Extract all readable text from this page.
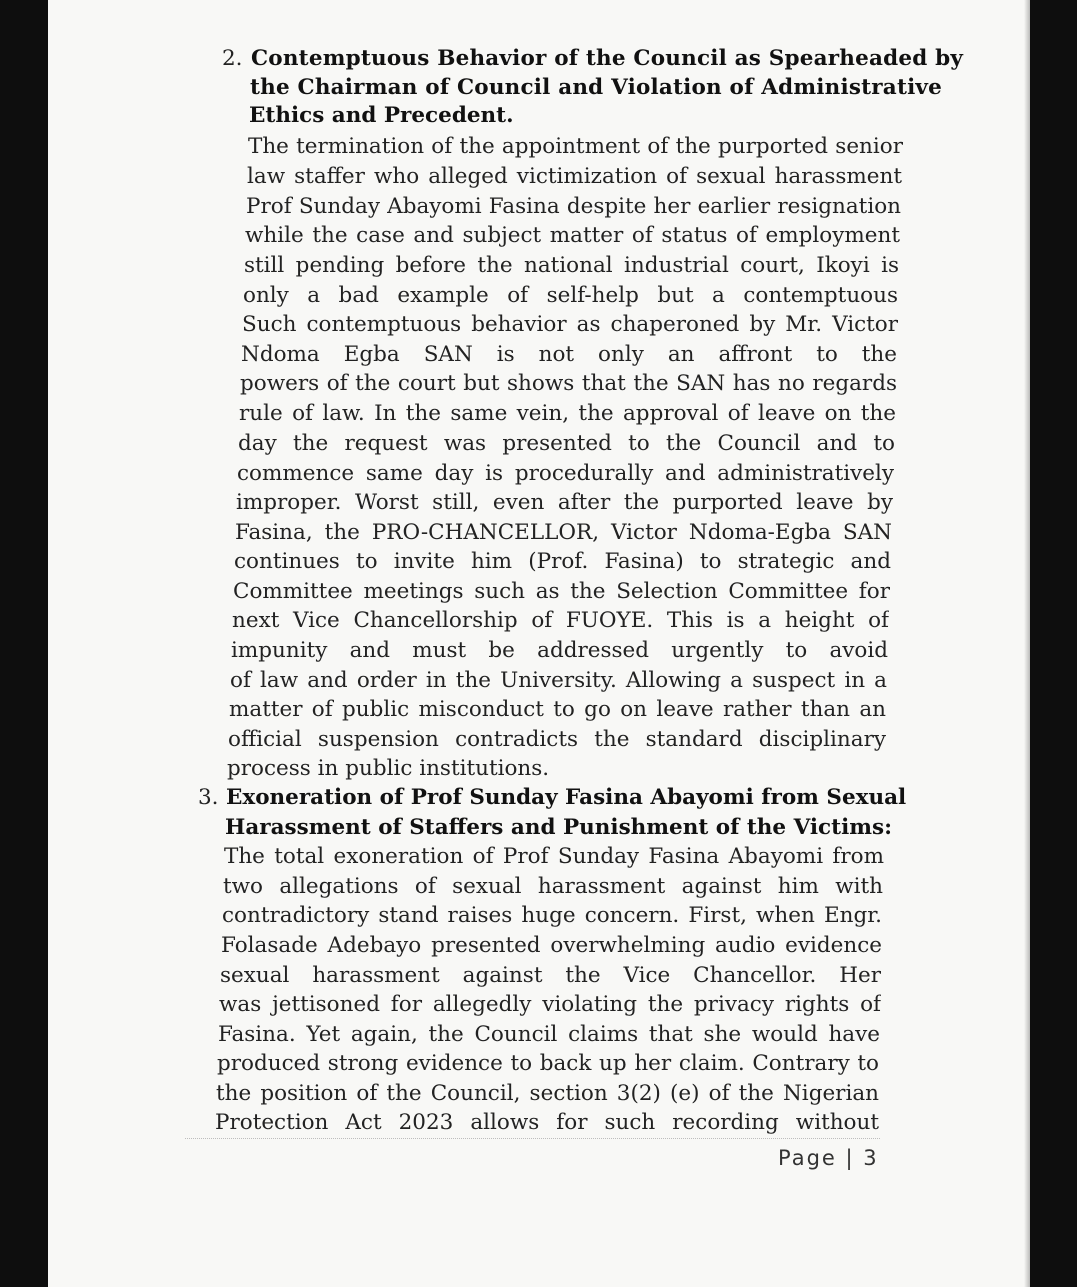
2. Contemptuous Behavior of the Council as Spearheaded by
the Chairman of Council and Violation of Administrative
Ethics and Precedent.
The termination of the appointment of the purported senior
law staffer who alleged victimization of sexual harassment
Prof Sunday Abayomi Fasina despite her earlier resignation
while the case and subject matter of status of employment
still pending before the national industrial court, Ikoyi is
only a bad example of self-help but a contemptuous
Such contemptuous behavior as chaperoned by Mr. Victor
Ndoma Egba SAN is not only an affront to the
powers of the court but shows that the SAN has no regards
rule of law. In the same vein, the approval of leave on the
day the request was presented to the Council and to
commence same day is procedurally and administratively
improper. Worst still, even after the purported leave by
Fasina, the PRO-CHANCELLOR, Victor Ndoma-Egba SAN
continues to invite him (Prof. Fasina) to strategic and
Committee meetings such as the Selection Committee for
next Vice Chancellorship of FUOYE. This is a height of
impunity and must be addressed urgently to avoid
of law and order in the University. Allowing a suspect in a
matter of public misconduct to go on leave rather than an
official suspension contradicts the standard disciplinary
process in public institutions.
3. Exoneration of Prof Sunday Fasina Abayomi from Sexual
Harassment of Staffers and Punishment of the Victims:
The total exoneration of Prof Sunday Fasina Abayomi from
two allegations of sexual harassment against him with
contradictory stand raises huge concern. First, when Engr.
Folasade Adebayo presented overwhelming audio evidence
sexual harassment against the Vice Chancellor. Her
was jettisoned for allegedly violating the privacy rights of
Fasina. Yet again, the Council claims that she would have
produced strong evidence to back up her claim. Contrary to
the position of the Council, section 3(2) (e) of the Nigerian
Protection Act 2023 allows for such recording without
Page | 3
